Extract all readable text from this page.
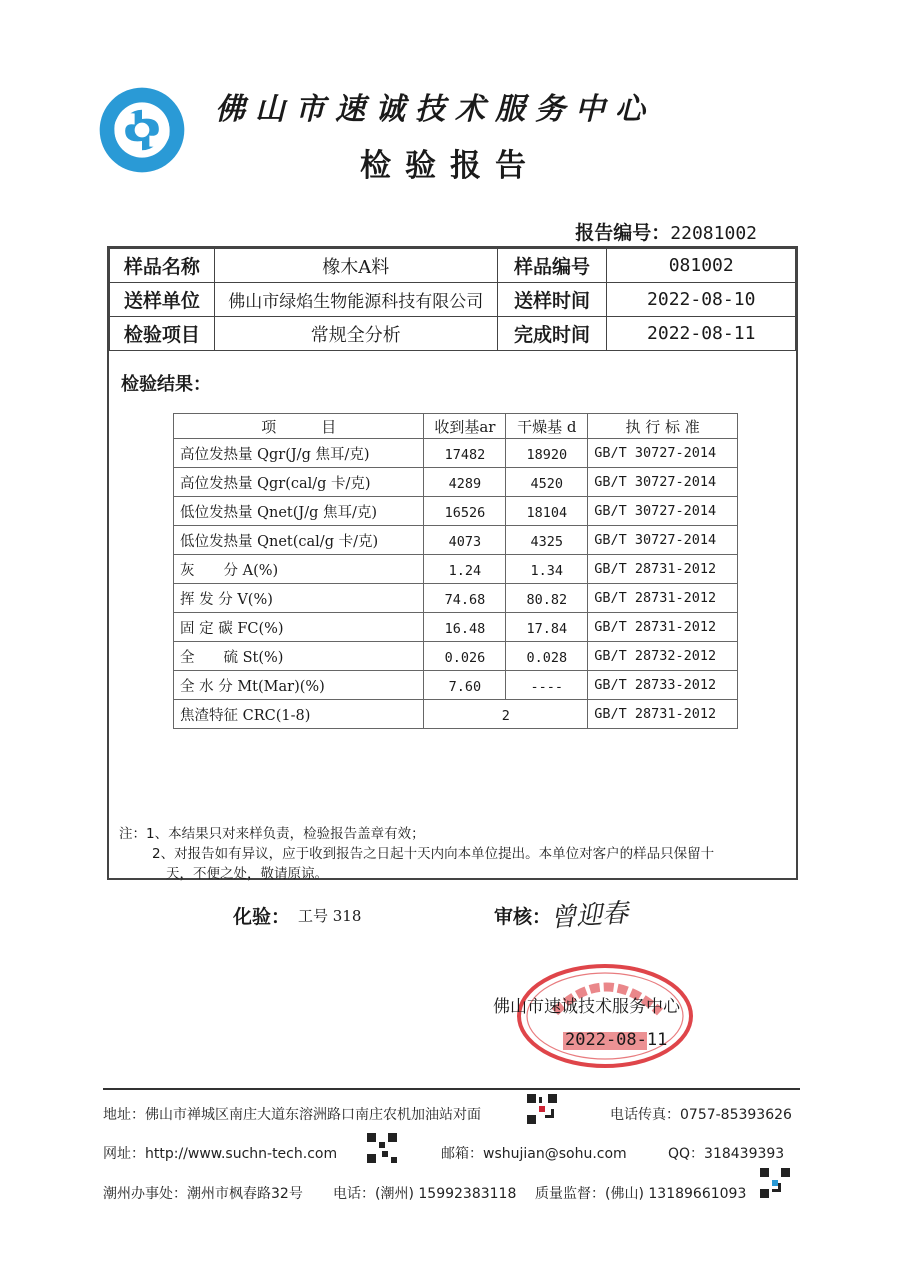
佛山市速诚技术服务中心
检验报告
报告编号：22081002

样品名称	橡木A料	样品编号	081002
送样单位	佛山市绿焰生物能源科技有限公司	送样时间	2022-08-10
检验项目	常规全分析	完成时间	2022-08-11
检验结果：
项　　　目	收到基ar	干燥基 d	执 行 标 准
高位发热量 Qgr(J/g 焦耳/克)	17482	18920	GB/T 30727-2014
高位发热量 Qgr(cal/g 卡/克)	4289	4520	GB/T 30727-2014
低位发热量 Qnet(J/g 焦耳/克)	16526	18104	GB/T 30727-2014
低位发热量 Qnet(cal/g 卡/克)	4073	4325	GB/T 30727-2014
灰　　分 A(%)	1.24	1.34	GB/T 28731-2012
挥 发 分 V(%)	74.68	80.82	GB/T 28731-2012
固 定 碳 FC(%)	16.48	17.84	GB/T 28731-2012
全　　硫 St(%)	0.026	0.028	GB/T 28732-2012
全 水 分 Mt(Mar)(%)	7.60	----	GB/T 28733-2012
焦渣特征 CRC(1-8)	2		GB/T 28731-2012
注：1、本结果只对来样负责，检验报告盖章有效；
2、对报告如有异议，应于收到报告之日起十天内向本单位提出。本单位对客户的样品只保留十
天，不便之处，敬请原谅。
化验： 工号 318	审核：
曾迎春
佛山市速诚技术服务中心
2022-08-11
地址：佛山市禅城区南庄大道东溶洲路口南庄农机加油站对面	电话传真：0757-85393626
网址：http://www.suchn-tech.com	邮箱：wshujian@sohu.com	QQ：318439393
潮州办事处：潮州市枫春路32号 电话：(潮州) 15992383118 质量监督：(佛山) 13189661093
